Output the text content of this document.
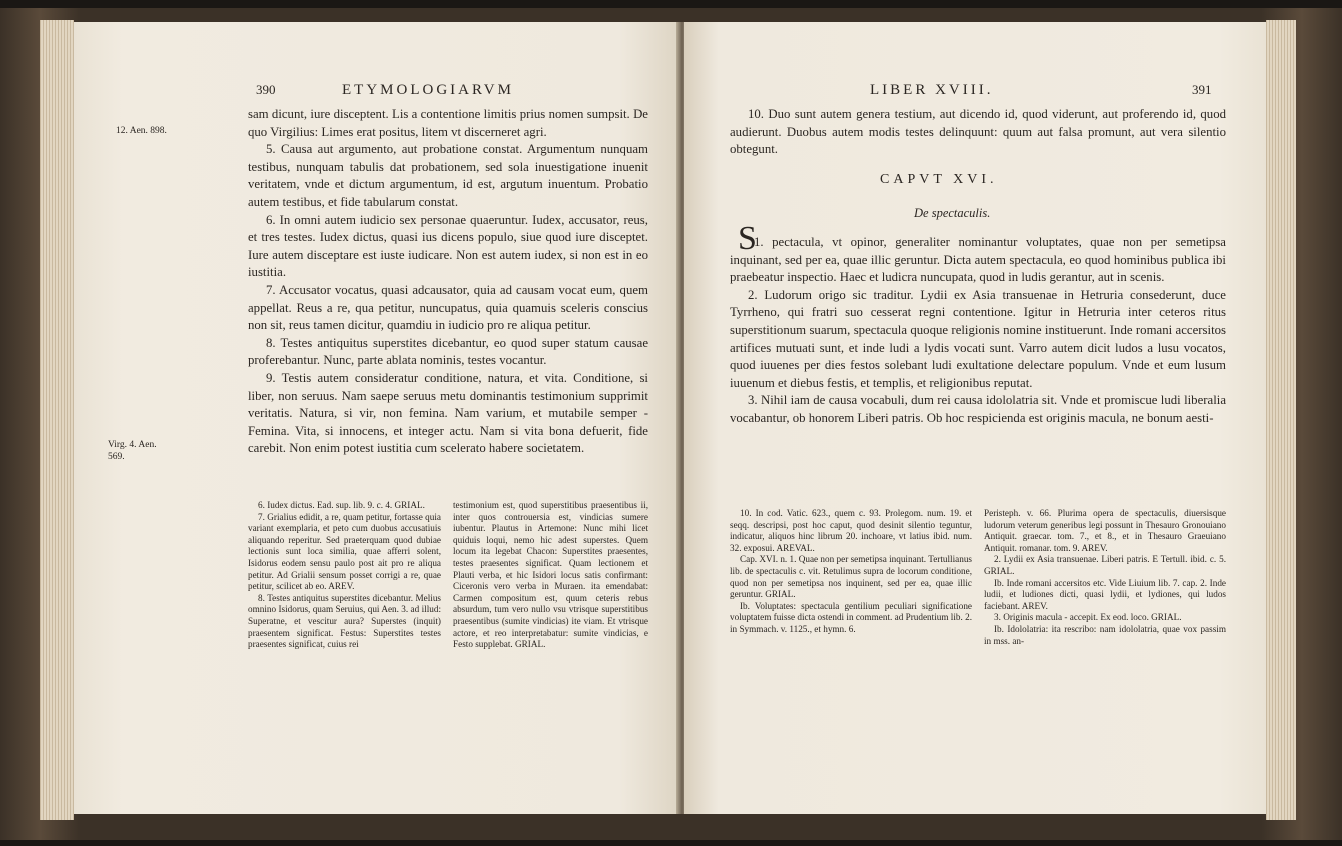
390	ETYMOLOGIARVM
12. Aen. 898.
Virg. 4. Aen.
569.

sam dicunt, iure disceptent. Lis a contentione limitis prius nomen sumpsit. De quo Virgilius: Limes erat positus, litem vt discerneret agri.

5. Causa aut argumento, aut probatione constat. Argumentum nunquam testibus, nunquam tabulis dat probationem, sed sola inuestigatione inuenit veritatem, vnde et dictum argumentum, id est, argutum inuentum. Probatio autem testibus, et fide tabularum constat.

6. In omni autem iudicio sex personae quaeruntur. Iudex, accusator, reus, et tres testes. Iudex dictus, quasi ius dicens populo, siue quod iure disceptet. Iure autem disceptare est iuste iudicare. Non est autem iudex, si non est in eo iustitia.

7. Accusator vocatus, quasi adcausator, quia ad causam vocat eum, quem appellat. Reus a re, qua petitur, nuncupatus, quia quamuis sceleris conscius non sit, reus tamen dicitur, quamdiu in iudicio pro re aliqua petitur.

8. Testes antiquitus superstites dicebantur, eo quod super statum causae proferebantur. Nunc, parte ablata nominis, testes vocantur.

9. Testis autem consideratur conditione, natura, et vita. Conditione, si liber, non seruus. Nam saepe seruus metu dominantis testimonium supprimit veritatis. Natura, si vir, non femina. Nam varium, et mutabile semper - Femina. Vita, si innocens, et integer actu. Nam si vita bona defuerit, fide carebit. Non enim potest iustitia cum scelerato habere societatem.

6. Iudex dictus. Ead. sup. lib. 9. c. 4. GRIAL.

7. Grialius edidit, a re, quam petitur, fortasse quia variant exemplaria, et peto cum duobus accusatiuis aliquando reperitur. Sed praeterquam quod dubiae lectionis sunt loca similia, quae afferri solent, Isidorus eodem sensu paulo post ait pro re aliqua petitur. Ad Grialii sensum posset corrigi a re, quae petitur, scilicet ab eo. AREV.

8. Testes antiquitus superstites dicebantur. Melius omnino Isidorus, quam Seruius, qui Aen. 3. ad illud: Superatne, et vescitur aura? Superstes (inquit) praesentem significat. Festus: Superstites testes praesentes significat, cuius rei

testimonium est, quod superstitibus praesentibus ii, inter quos controuersia est, vindicias sumere iubentur. Plautus in Artemone: Nunc mihi licet quiduis loqui, nemo hic adest superstes. Quem locum ita legebat Chacon: Superstites praesentes, testes praesentes significat. Quam lectionem et Plauti verba, et hic Isidori locus satis confirmant: Ciceronis vero verba in Muraen. ita emendabat: Carmen compositum est, quum ceteris rebus absurdum, tum vero nullo vsu vtrisque superstitibus praesentibus (sumite vindicias) ite viam. Et vtrisque actore, et reo interpretabatur: sumite vindicias, e Festo supplebat. GRIAL.

LIBER XVIII.	391

10. Duo sunt autem genera testium, aut dicendo id, quod viderunt, aut proferendo id, quod audierunt. Duobus autem modis testes delinquunt: quum aut falsa promunt, aut vera silentio obtegunt.

CAPVT XVI.
De spectaculis.
S

1. pectacula, vt opinor, generaliter nominantur voluptates, quae non per semetipsa inquinant, sed per ea, quae illic geruntur. Dicta autem spectacula, eo quod hominibus publica ibi praebeatur inspectio. Haec et ludicra nuncupata, quod in ludis gerantur, aut in scenis.

2. Ludorum origo sic traditur. Lydii ex Asia transuenae in Hetruria consederunt, duce Tyrrheno, qui fratri suo cesserat regni contentione. Igitur in Hetruria inter ceteros ritus superstitionum suarum, spectacula quoque religionis nomine instituerunt. Inde romani accersitos artifices mutuati sunt, et inde ludi a lydis vocati sunt. Varro autem dicit ludos a lusu vocatos, quod iuuenes per dies festos solebant ludi exultatione delectare populum. Vnde et eum lusum iuuenum et diebus festis, et templis, et religionibus reputat.

3. Nihil iam de causa vocabuli, dum rei causa idololatria sit. Vnde et promiscue ludi liberalia vocabantur, ob honorem Liberi patris. Ob hoc respicienda est originis macula, ne bonum aesti-

10. In cod. Vatic. 623., quem c. 93. Prolegom. num. 19. et seqq. descripsi, post hoc caput, quod desinit silentio teguntur, indicatur, aliquos hinc librum 20. inchoare, vt latius ibid. num. 32. exposui. AREVAL.

Cap. XVI. n. 1. Quae non per semetipsa inquinant. Tertullianus lib. de spectaculis c. vit. Retulimus supra de locorum conditione, quod non per semetipsa nos inquinent, sed per ea, quae illic geruntur. GRIAL.

Ib. Voluptates: spectacula gentilium peculiari significatione voluptatem fuisse dicta ostendi in comment. ad Prudentium lib. 2. in Symmach. v. 1125., et hymn. 6.

Peristeph. v. 66. Plurima opera de spectaculis, diuersisque ludorum veterum generibus legi possunt in Thesauro Gronouiano Antiquit. graecar. tom. 7., et 8., et in Thesauro Graeuiano Antiquit. romanar. tom. 9. AREV.

2. Lydii ex Asia transuenae. Liberi patris. E Tertull. ibid. c. 5. GRIAL.

Ib. Inde romani accersitos etc. Vide Liuium lib. 7. cap. 2. Inde ludii, et ludiones dicti, quasi lydii, et lydiones, qui ludos faciebant. AREV.

3. Originis macula - accepit. Ex eod. loco. GRIAL.

Ib. Idololatria: ita rescribo: nam idololatria, quae vox passim in mss. an-
